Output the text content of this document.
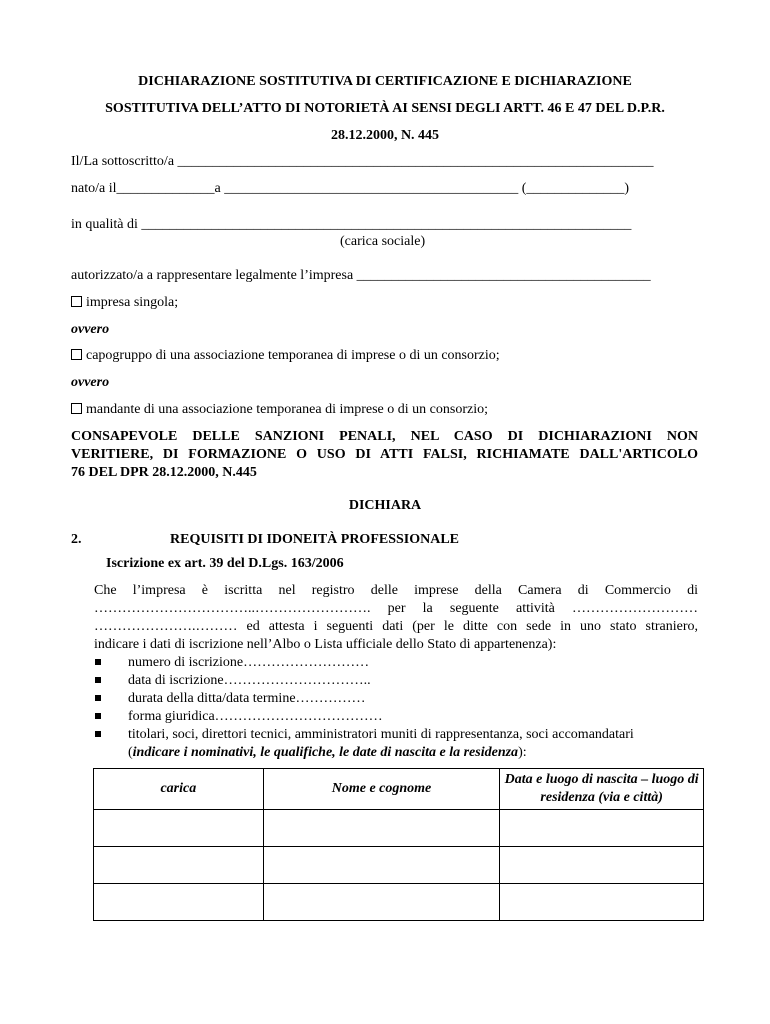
DICHIARAZIONE SOSTITUTIVA DI CERTIFICAZIONE E DICHIARAZIONE
SOSTITUTIVA DELL’ATTO DI NOTORIETÀ AI SENSI DEGLI ARTT. 46 E 47 DEL D.P.R.
28.12.2000, N. 445
Il/La sottoscritto/a ____________________________________________________________________
nato/a il______________a __________________________________________ (______________)
in qualità di ______________________________________________________________________
(carica sociale)
autorizzato/a a rappresentare legalmente l’impresa __________________________________________
impresa singola;
ovvero
capogruppo di una associazione temporanea di imprese o di un consorzio;
ovvero
mandante di una associazione temporanea di imprese o di un consorzio;
CONSAPEVOLE DELLE SANZIONI PENALI, NEL CASO DI DICHIARAZIONI NON
VERITIERE, DI FORMAZIONE O USO DI ATTI FALSI, RICHIAMATE DALL'ARTICOLO
76 DEL DPR 28.12.2000, N.445
DICHIARA
2.	REQUISITI DI IDONEITÀ PROFESSIONALE
Iscrizione ex art. 39 del D.Lgs. 163/2006
Che l’impresa è iscritta nel registro delle imprese della Camera di Commercio di
……………………………..……………………. per la seguente attività ………………………
………………….……… ed attesta i seguenti dati (per le ditte con sede in uno stato straniero,
indicare i dati di iscrizione nell’Albo o Lista ufficiale dello Stato di appartenenza):
numero di iscrizione………………………
data di iscrizione…………………………..
durata della ditta/data termine……………
forma giuridica………………………………
titolari, soci, direttori tecnici, amministratori muniti di rappresentanza, soci accomandatari
(indicare i nominativi, le qualifiche, le date di nascita e la residenza):
carica	Nome e cognome	Data e luogo di nascita – luogo di residenza (via e città)
